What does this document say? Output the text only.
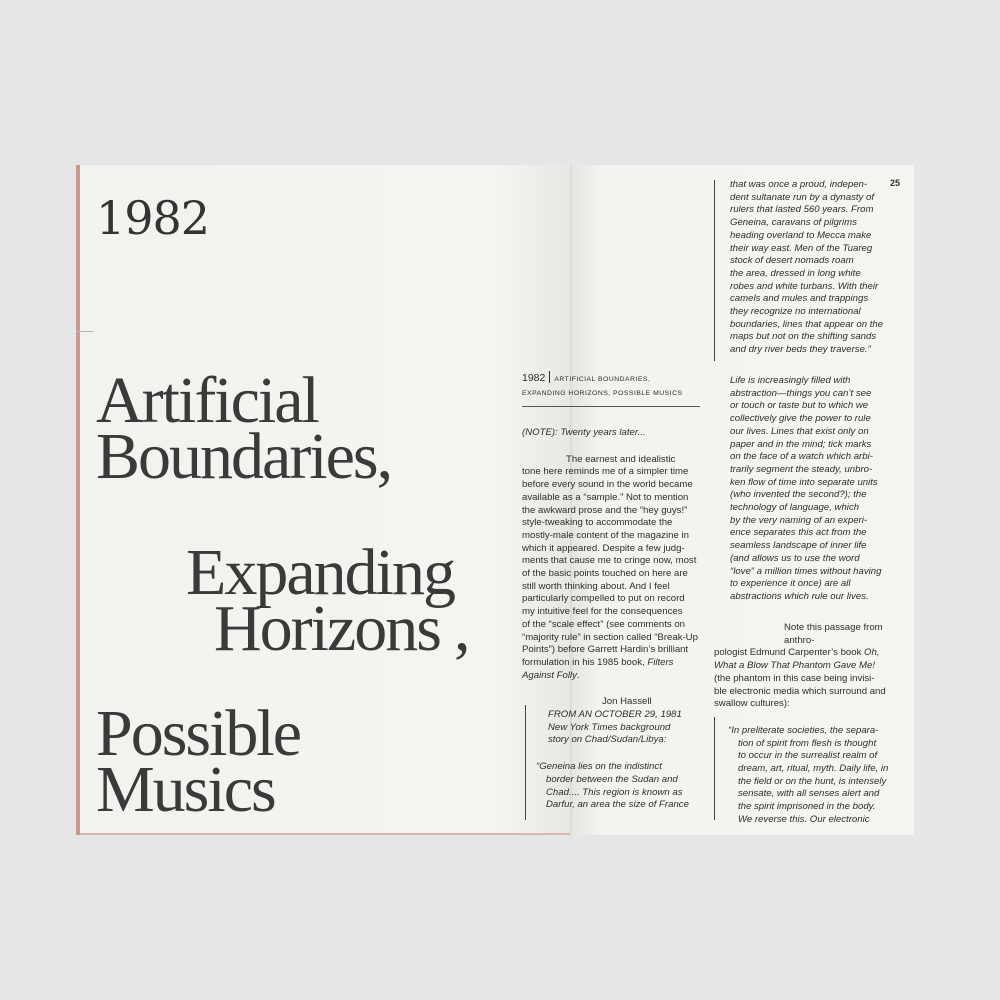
1982
Artificial
Boundaries,
Expanding
Horizons ,
Possible
Musics
25
1982 ARTIFICIAL BOUNDARIES,
EXPANDING HORIZONS, POSSIBLE MUSICS

(NOTE): Twenty years later...

The earnest and idealistic

tone here reminds me of a simpler time

before every sound in the world became

available as a “sample.” Not to mention

the awkward prose and the “hey guys!”

style-tweaking to accommodate the

mostly-male content of the magazine in

which it appeared. Despite a few judg-

ments that cause me to cringe now, most

of the basic points touched on here are

still worth thinking about. And I feel

particularly compelled to put on record

my intuitive feel for the consequences

of the “scale effect” (see comments on

“majority rule” in section called “Break-Up

Points”) before Garrett Hardin’s brilliant

formulation in his 1985 book, Filters

Against Folly.

Jon Hassell

FROM AN OCTOBER 29, 1981

New York Times background

story on Chad/Sudan/Libya:

“Geneina lies on the indistinct

border between the Sudan and

Chad.... This region is known as

Darfur, an area the size of France

that was once a proud, indepen-

dent sultanate run by a dynasty of

rulers that lasted 560 years. From

Geneina, caravans of pilgrims

heading overland to Mecca make

their way east. Men of the Tuareg

stock of desert nomads roam

the area, dressed in long white

robes and white turbans. With their

camels and mules and trappings

they recognize no international

boundaries, lines that appear on the

maps but not on the shifting sands

and dry river beds they traverse.”

Life is increasingly filled with

abstraction—things you can’t see

or touch or taste but to which we

collectively give the power to rule

our lives. Lines that exist only on

paper and in the mind; tick marks

on the face of a watch which arbi-

trarily segment the steady, unbro-

ken flow of time into separate units

(who invented the second?); the

technology of language, which

by the very naming of an experi-

ence separates this act from the

seamless landscape of inner life

(and allows us to use the word

“love” a million times without having

to experience it once) are all

abstractions which rule our lives.

Note this passage from anthro-

pologist Edmund Carpenter’s book Oh,

What a Blow That Phantom Gave Me!

(the phantom in this case being invisi-

ble electronic media which surround and

swallow cultures):

“In preliterate societies, the separa-

tion of spirit from flesh is thought

to occur in the surrealist realm of

dream, art, ritual, myth. Daily life, in

the field or on the hunt, is intensely

sensate, with all senses alert and

the spirit imprisoned in the body.

We reverse this. Our electronic
